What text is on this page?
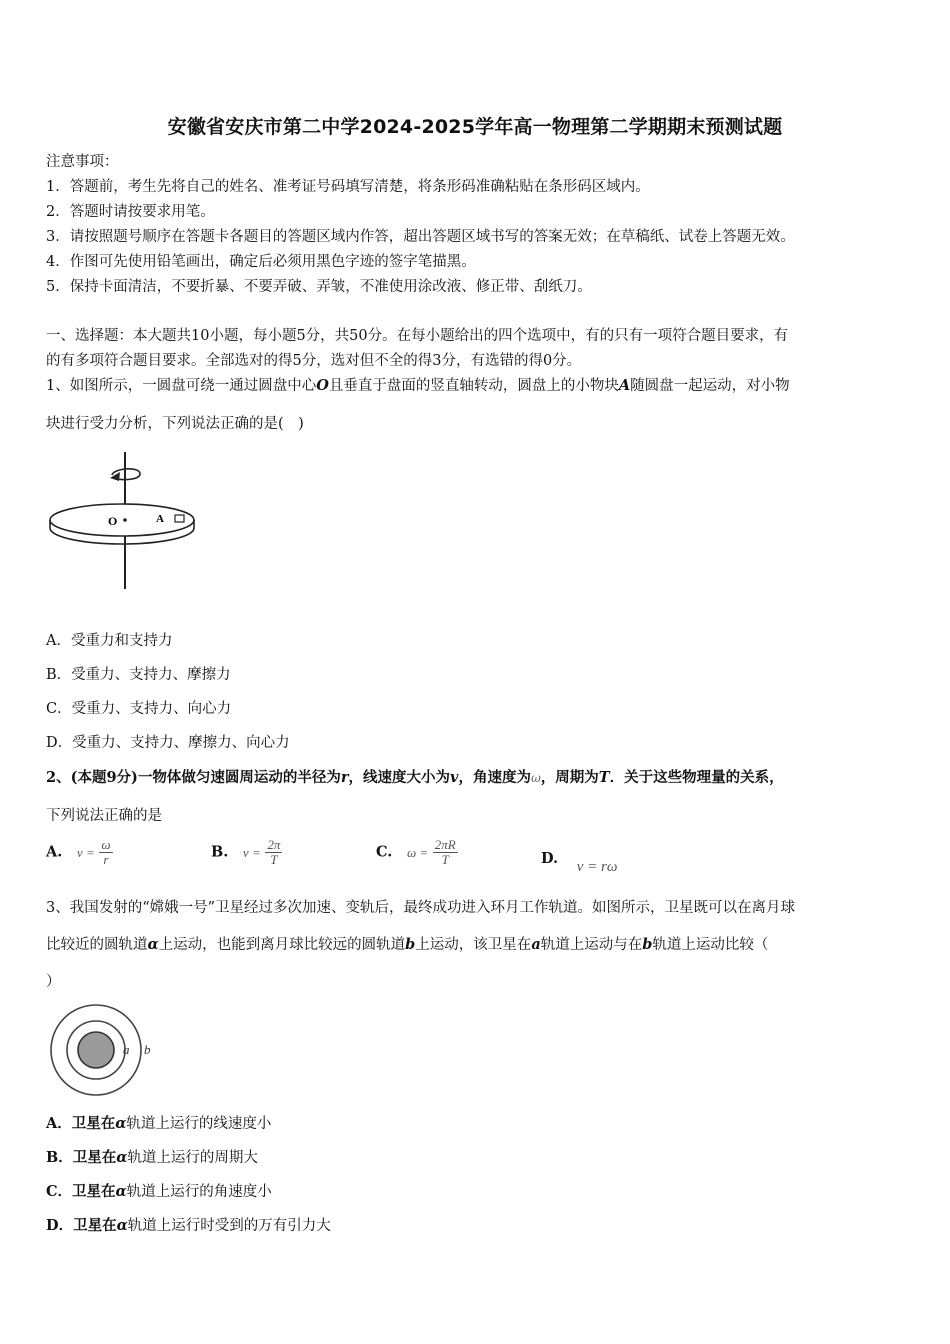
安徽省安庆市第二中学2024-2025学年高一物理第二学期期末预测试题
注意事项：
1．答题前，考生先将自己的姓名、准考证号码填写清楚，将条形码准确粘贴在条形码区域内。
2．答题时请按要求用笔。
3．请按照题号顺序在答题卡各题目的答题区域内作答，超出答题区域书写的答案无效；在草稿纸、试卷上答题无效。
4．作图可先使用铅笔画出，确定后必须用黑色字迹的签字笔描黑。
5．保持卡面清洁，不要折暴、不要弄破、弄皱，不准使用涂改液、修正带、刮纸刀。
一、选择题：本大题共10小题，每小题5分，共50分。在每小题给出的四个选项中，有的只有一项符合题目要求，有
的有多项符合题目要求。全部选对的得5分，选对但不全的得3分，有选错的得0分。
1、如图所示，一圆盘可绕一通过圆盘中心O且垂直于盘面的竖直轴转动，圆盘上的小物块A随圆盘一起运动，对小物
块进行受力分析，下列说法正确的是(　)
O	A
A．受重力和支持力
B．受重力、支持力、摩擦力
C．受重力、支持力、向心力
D．受重力、支持力、摩擦力、向心力
2、(本题9分)一物体做匀速圆周运动的半径为r，线速度大小为v，角速度为ω，周期为T．关于这些物理量的关系，
下列说法正确的是
A. $v = \frac{\omega}{r}$	B. $v = \frac{2\pi}{T}$	C. $\omega = \frac{2\pi R}{T}$	D. v = rω
3、我国发射的“嫦娥一号”卫星经过多次加速、变轨后，最终成功进入环月工作轨道。如图所示，卫星既可以在离月球
比较近的圆轨道α上运动，也能到离月球比较远的圆轨道b上运动，该卫星在a轨道上运动与在b轨道上运动比较（
）
a b
A．卫星在α轨道上运行的线速度小
B．卫星在α轨道上运行的周期大
C．卫星在α轨道上运行的角速度小
D．卫星在α轨道上运行时受到的万有引力大
